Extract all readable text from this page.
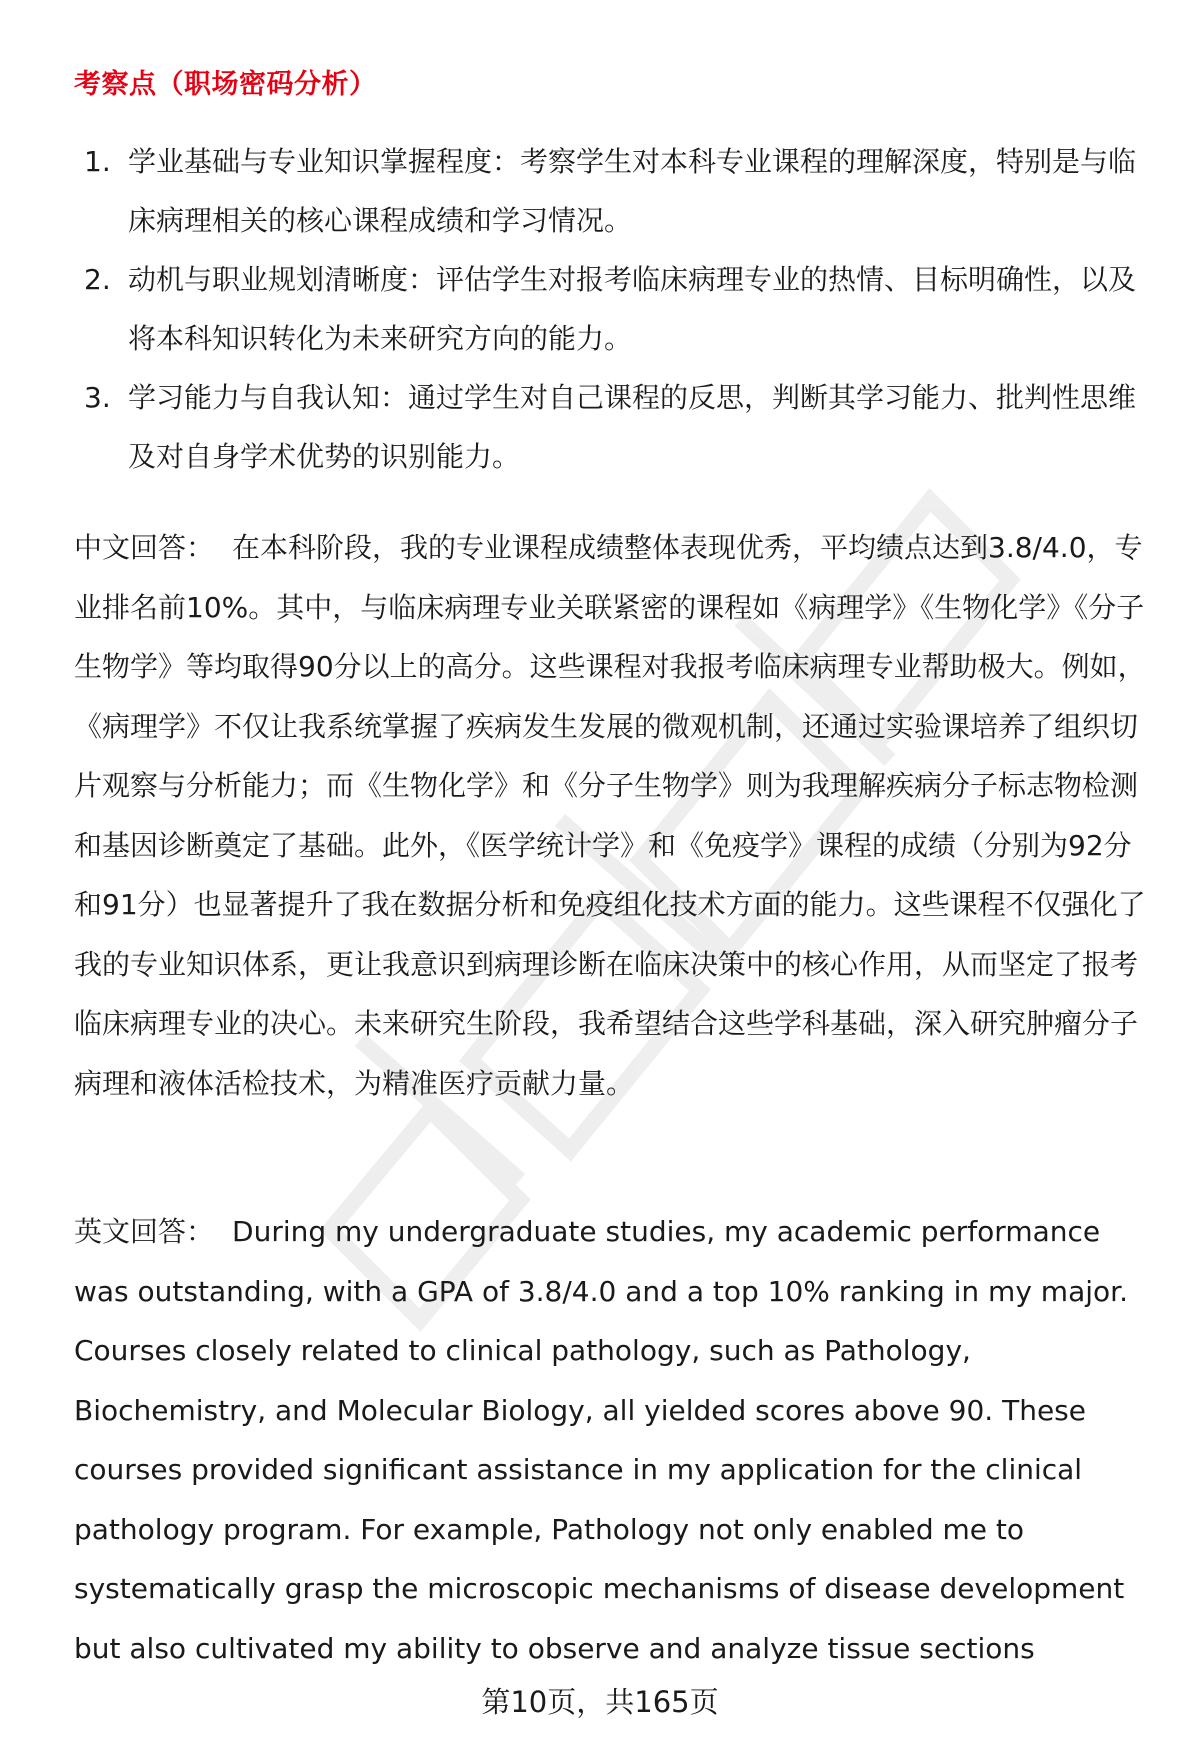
考察点（职场密码分析）
1. 学业基础与专业知识掌握程度：考察学生对本科专业课程的理解深度，特别是与临床病理相关的核心课程成绩和学习情况。
2. 动机与职业规划清晰度：评估学生对报考临床病理专业的热情、目标明确性，以及将本科知识转化为未来研究方向的能力。
3. 学习能力与自我认知：通过学生对自己课程的反思，判断其学习能力、批判性思维及对自身学术优势的识别能力。

中文回答： 在本科阶段，我的专业课程成绩整体表现优秀，平均绩点达到3.8/4.0，专业排名前10%。其中，与临床病理专业关联紧密的课程如《病理学》《生物化学》《分子生物学》等均取得90分以上的高分。这些课程对我报考临床病理专业帮助极大。例如，《病理学》不仅让我系统掌握了疾病发生发展的微观机制，还通过实验课培养了组织切片观察与分析能力；而《生物化学》和《分子生物学》则为我理解疾病分子标志物检测和基因诊断奠定了基础。此外，《医学统计学》和《免疫学》课程的成绩（分别为92分和91分）也显著提升了我在数据分析和免疫组化技术方面的能力。这些课程不仅强化了我的专业知识体系，更让我意识到病理诊断在临床决策中的核心作用，从而坚定了报考临床病理专业的决心。未来研究生阶段，我希望结合这些学科基础，深入研究肿瘤分子病理和液体活检技术，为精准医疗贡献力量。

英文回答： During my undergraduate studies, my academic performance was outstanding, with a GPA of 3.8/4.0 and a top 10% ranking in my major. Courses closely related to clinical pathology, such as Pathology, Biochemistry, and Molecular Biology, all yielded scores above 90. These courses provided significant assistance in my application for the clinical pathology program. For example, Pathology not only enabled me to systematically grasp the microscopic mechanisms of disease development but also cultivated my ability to observe and analyze tissue sections

第10页，共165页
